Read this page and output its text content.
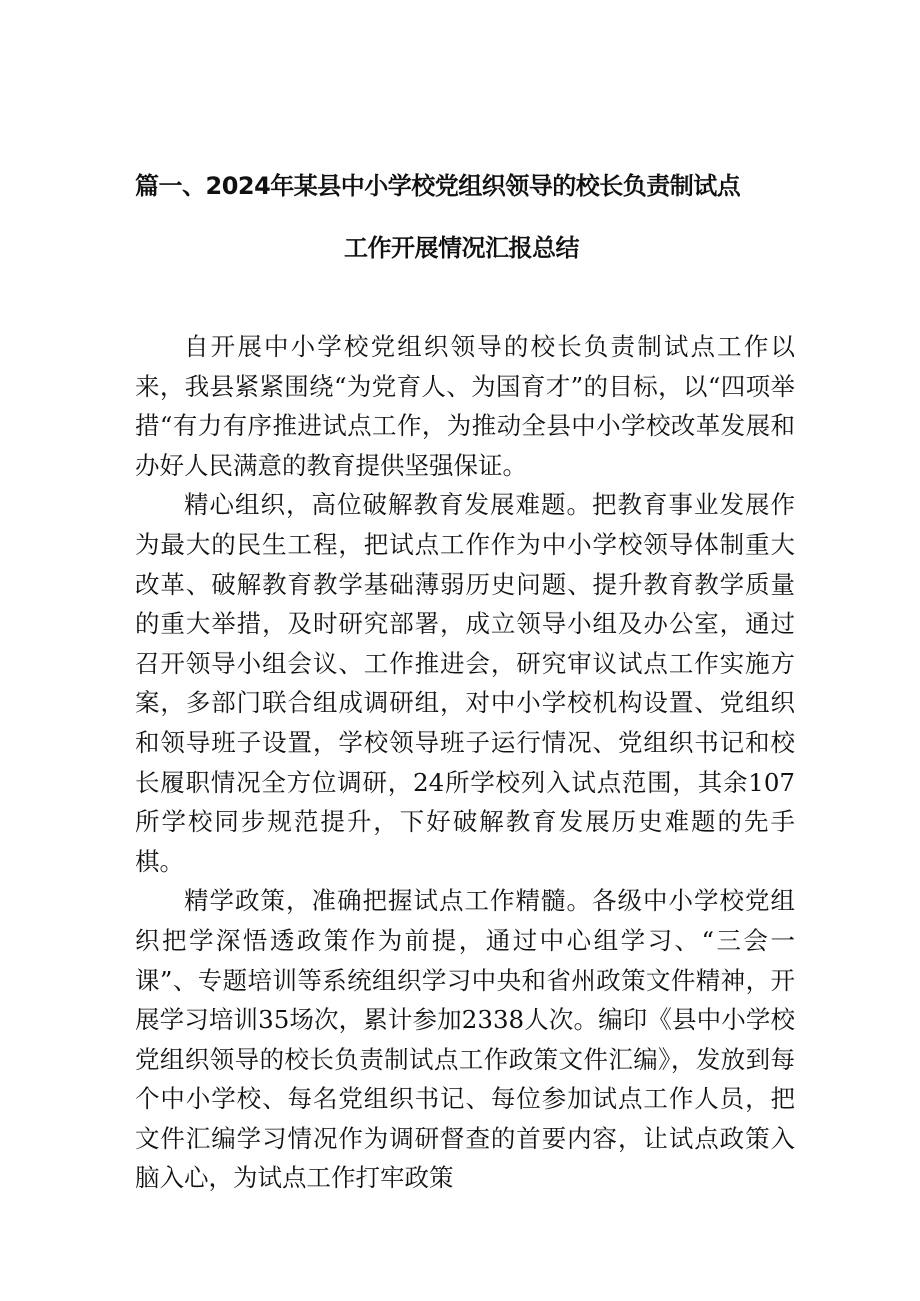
篇一、2024年某县中小学校党组织领导的校长负责制试点
工作开展情况汇报总结

自开展中小学校党组织领导的校长负责制试点工作以来，我县紧紧围绕“为党育人、为国育才”的目标，以“四项举措“有力有序推进试点工作，为推动全县中小学校改革发展和办好人民满意的教育提供坚强保证。

精心组织，高位破解教育发展难题。把教育事业发展作为最大的民生工程，把试点工作作为中小学校领导体制重大改革、破解教育教学基础薄弱历史问题、提升教育教学质量的重大举措，及时研究部署，成立领导小组及办公室，通过召开领导小组会议、工作推进会，研究审议试点工作实施方案，多部门联合组成调研组，对中小学校机构设置、党组织和领导班子设置，学校领导班子运行情况、党组织书记和校长履职情况全方位调研，24所学校列入试点范围，其余107所学校同步规范提升，下好破解教育发展历史难题的先手棋。

精学政策，准确把握试点工作精髓。各级中小学校党组织把学深悟透政策作为前提，通过中心组学习、“三会一课”、专题培训等系统组织学习中央和省州政策文件精神，开展学习培训35场次，累计参加2338人次。编印《县中小学校党组织领导的校长负责制试点工作政策文件汇编》，发放到每个中小学校、每名党组织书记、每位参加试点工作人员，把文件汇编学习情况作为调研督查的首要内容，让试点政策入脑入心，为试点工作打牢政策
